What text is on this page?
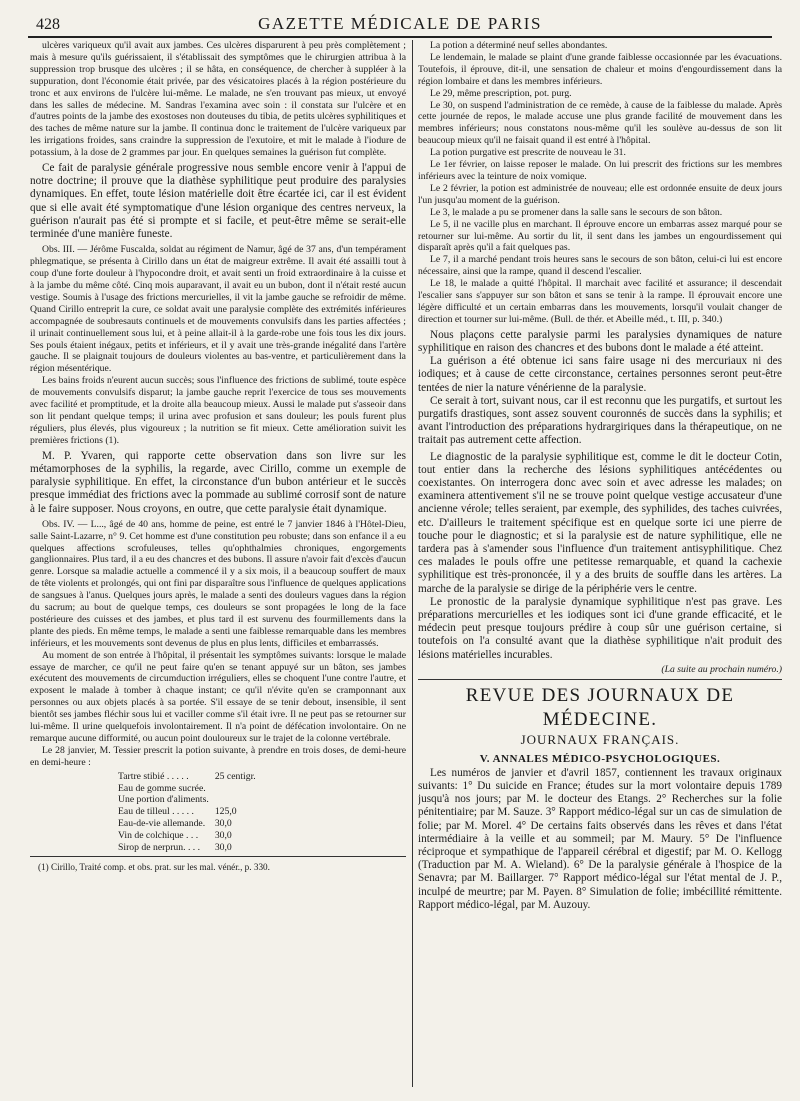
428	GAZETTE MÉDICALE DE PARIS

ulcères variqueux qu'il avait aux jambes. Ces ulcères disparurent à peu près complètement ; mais à mesure qu'ils guérissaient, il s'établissait des symptômes que le chirurgien attribua à la suppression trop brusque des ulcères ; il se hâta, en conséquence, de chercher à suppléer à la suppuration, dont l'économie était privée, par des vésicatoires placés à la région postérieure du tronc et aux environs de l'ulcère lui-même. Le malade, ne s'en trouvant pas mieux, ut envoyé dans les salles de médecine. M. Sandras l'examina avec soin : il constata sur l'ulcère et en d'autres points de la jambe des exostoses non douteuses du tibia, de petits ulcères syphilitiques et des taches de même nature sur la jambe. Il continua donc le traitement de l'ulcère variqueux par les irrigations froides, sans craindre la suppression de l'exutoire, et mit le malade à l'iodure de potassium, à la dose de 2 grammes par jour. En quelques semaines la guérison fut complète.

Ce fait de paralysie générale progressive nous semble encore venir à l'appui de notre doctrine; il prouve que la diathèse syphilitique peut produire des paralysies dynamiques. En effet, toute lésion matérielle doit être écartée ici, car il est évident que si elle avait été symptomatique d'une lésion organique des centres nerveux, la guérison n'aurait pas été si prompte et si facile, et peut-être même se serait-elle terminée d'une manière funeste.

Obs. III. — Jérôme Fuscalda, soldat au régiment de Namur, âgé de 37 ans, d'un tempérament phlegmatique, se présenta à Cirillo dans un état de maigreur extrême. Il avait été assailli tout à coup d'une forte douleur à l'hypocondre droit, et avait senti un froid extraordinaire à la cuisse et à la jambe du même côté. Cinq mois auparavant, il avait eu un bubon, dont il n'était resté aucun vestige. Soumis à l'usage des frictions mercurielles, il vit la jambe gauche se refroidir de même. Quand Cirillo entreprit la cure, ce soldat avait une paralysie complète des extrémités inférieures accompagnée de soubresauts continuels et de mouvements convulsifs dans les parties affectées ; il urinait continuellement sous lui, et à peine allait-il à la garde-robe une fois tous les dix jours. Ses pouls étaient inégaux, petits et inférieurs, et il y avait une très-grande inégalité dans l'artère gauche. Il se plaignait toujours de douleurs violentes au bas-ventre, et particulièrement dans la région mésentérique.

Les bains froids n'eurent aucun succès; sous l'influence des frictions de sublimé, toute espèce de mouvements convulsifs disparut; la jambe gauche reprit l'exercice de tous ses mouvements avec facilité et promptitude, et la droite alla beaucoup mieux. Aussi le malade put s'asseoir dans son lit pendant quelque temps; il urina avec profusion et sans douleur; les pouls furent plus réguliers, plus élevés, plus vigoureux ; la nutrition se fit mieux. Cette amélioration suivit les premières frictions (1).

M. P. Yvaren, qui rapporte cette observation dans son livre sur les métamorphoses de la syphilis, la regarde, avec Cirillo, comme un exemple de paralysie syphilitique. En effet, la circonstance d'un bubon antérieur et le succès presque immédiat des frictions avec la pommade au sublimé corrosif sont de nature à le faire supposer. Nous croyons, en outre, que cette paralysie était dynamique.

Obs. IV. — L..., âgé de 40 ans, homme de peine, est entré le 7 janvier 1846 à l'Hôtel-Dieu, salle Saint-Lazarre, n° 9. Cet homme est d'une constitution peu robuste; dans son enfance il a eu quelques affections scrofuleuses, telles qu'ophthalmies chroniques, engorgements ganglionnaires. Plus tard, il a eu des chancres et des bubons. Il assure n'avoir fait d'excès d'aucun genre. Lorsque sa maladie actuelle a commencé il y a six mois, il a beaucoup souffert de maux de tête violents et prolongés, qui ont fini par disparaître sous l'influence de quelques applications de sangsues à l'anus. Quelques jours après, le malade a senti des douleurs vagues dans la région du sacrum; au bout de quelque temps, ces douleurs se sont propagées le long de la face postérieure des cuisses et des jambes, et plus tard il est survenu des fourmillements dans la plante des pieds. En même temps, le malade a senti une faiblesse remarquable dans les membres inférieurs, et les mouvements sont devenus de plus en plus lents, difficiles et embarrassés.

Au moment de son entrée à l'hôpital, il présentait les symptômes suivants: lorsque le malade essaye de marcher, ce qu'il ne peut faire qu'en se tenant appuyé sur un bâton, ses jambes exécutent des mouvements de circumduction irréguliers, elles se choquent l'une contre l'autre, et exposent le malade à tomber à chaque instant; ce qu'il n'évite qu'en se cramponnant aux personnes ou aux objets placés à sa portée. S'il essaye de se tenir debout, insensible, il sent bientôt ses jambes fléchir sous lui et vaciller comme s'il était ivre. Il ne peut pas se retourner sur lui-même. Il urine quelquefois involontairement. Il n'a point de défécation involontaire. On ne remarque aucune difformité, ou aucun point douloureux sur le trajet de la colonne vertébrale.

Le 28 janvier, M. Tessier prescrit la potion suivante, à prendre en trois doses, de demi-heure en demi-heure :

Tartre stibié . . . . .	25 centigr.
Eau de gomme sucrée.	
Une portion d'aliments.	
Eau de tilleul . . . . .	125,0
Eau-de-vie allemande.	30,0
Vin de colchique . . .	30,0
Sirop de nerprun. . . .	30,0

(1) Cirillo, Traité comp. et obs. prat. sur les mal. vénér., p. 330.

La potion a déterminé neuf selles abondantes.

Le lendemain, le malade se plaint d'une grande faiblesse occasionnée par les évacuations. Toutefois, il éprouve, dit-il, une sensation de chaleur et moins d'engourdissement dans la région lombaire et dans les membres inférieurs.

Le 29, même prescription, pot. purg.

Le 30, on suspend l'administration de ce remède, à cause de la faiblesse du malade. Après cette journée de repos, le malade accuse une plus grande facilité de mouvement dans les membres inférieurs; nous constatons nous-même qu'il les soulève au-dessus de son lit beaucoup mieux qu'il ne faisait quand il est entré à l'hôpital.

La potion purgative est prescrite de nouveau le 31.

Le 1er février, on laisse reposer le malade. On lui prescrit des frictions sur les membres inférieurs avec la teinture de noix vomique.

Le 2 février, la potion est administrée de nouveau; elle est ordonnée ensuite de deux jours l'un jusqu'au moment de la guérison.

Le 3, le malade a pu se promener dans la salle sans le secours de son bâton.

Le 5, il ne vacille plus en marchant. Il éprouve encore un embarras assez marqué pour se retourner sur lui-même. Au sortir du lit, il sent dans les jambes un engourdissement qui disparaît après qu'il a fait quelques pas.

Le 7, il a marché pendant trois heures sans le secours de son bâton, celui-ci lui est encore nécessaire, ainsi que la rampe, quand il descend l'escalier.

Le 18, le malade a quitté l'hôpital. Il marchait avec facilité et assurance; il descendait l'escalier sans s'appuyer sur son bâton et sans se tenir à la rampe. Il éprouvait encore une légère difficulté et un certain embarras dans les mouvements, lorsqu'il voulait changer de direction et tourner sur lui-même. (Bull. de thér. et Abeille méd., t. III, p. 340.)

Nous plaçons cette paralysie parmi les paralysies dynamiques de nature syphilitique en raison des chancres et des bubons dont le malade a été atteint.

La guérison a été obtenue ici sans faire usage ni des mercuriaux ni des iodiques; et à cause de cette circonstance, certaines personnes seront peut-être tentées de nier la nature vénérienne de la paralysie.

Ce serait à tort, suivant nous, car il est reconnu que les purgatifs, et surtout les purgatifs drastiques, sont assez souvent couronnés de succès dans la syphilis; et avant l'introduction des préparations hydrargiriques dans la thérapeutique, on ne traitait pas autrement cette affection.

Le diagnostic de la paralysie syphilitique est, comme le dit le docteur Cotin, tout entier dans la recherche des lésions syphilitiques antécédentes ou coexistantes. On interrogera donc avec soin et avec adresse les malades; on examinera attentivement s'il ne se trouve point quelque vestige accusateur d'une ancienne vérole; telles seraient, par exemple, des syphilides, des taches cuivrées, etc. D'ailleurs le traitement spécifique est en quelque sorte ici une pierre de touche pour le diagnostic; et si la paralysie est de nature syphilitique, elle ne tardera pas à s'amender sous l'influence d'un traitement antisyphilitique. Chez ces malades le pouls offre une petitesse remarquable, et quand la cachexie syphilitique est très-prononcée, il y a des bruits de souffle dans les artères. La marche de la paralysie se dirige de la périphérie vers le centre.

Le pronostic de la paralysie dynamique syphilitique n'est pas grave. Les préparations mercurielles et les iodiques sont ici d'une grande efficacité, et le médecin peut presque toujours prédire à coup sûr une guérison certaine, si toutefois on l'a consulté avant que la diathèse syphilitique n'ait produit des lésions matérielles incurables.

(La suite au prochain numéro.)
REVUE DES JOURNAUX DE MÉDECINE.
JOURNAUX FRANÇAIS.
V. ANNALES MÉDICO-PSYCHOLOGIQUES.

Les numéros de janvier et d'avril 1857, contiennent les travaux originaux suivants: 1° Du suicide en France; études sur la mort volontaire depuis 1789 jusqu'à nos jours; par M. le docteur des Etangs. 2° Recherches sur la folie pénitentiaire; par M. Sauze. 3° Rapport médico-légal sur un cas de simulation de folie; par M. Morel. 4° De certains faits observés dans les rêves et dans l'état intermédiaire à la veille et au sommeil; par M. Maury. 5° De l'influence réciproque et sympathique de l'appareil cérébral et digestif; par M. O. Kellogg (Traduction par M. A. Wieland). 6° De la paralysie générale à l'hospice de la Senavra; par M. Baillarger. 7° Rapport médico-légal sur l'état mental de J. P., inculpé de meurtre; par M. Payen. 8° Simulation de folie; imbécillité rémittente. Rapport médico-légal, par M. Auzouy.
